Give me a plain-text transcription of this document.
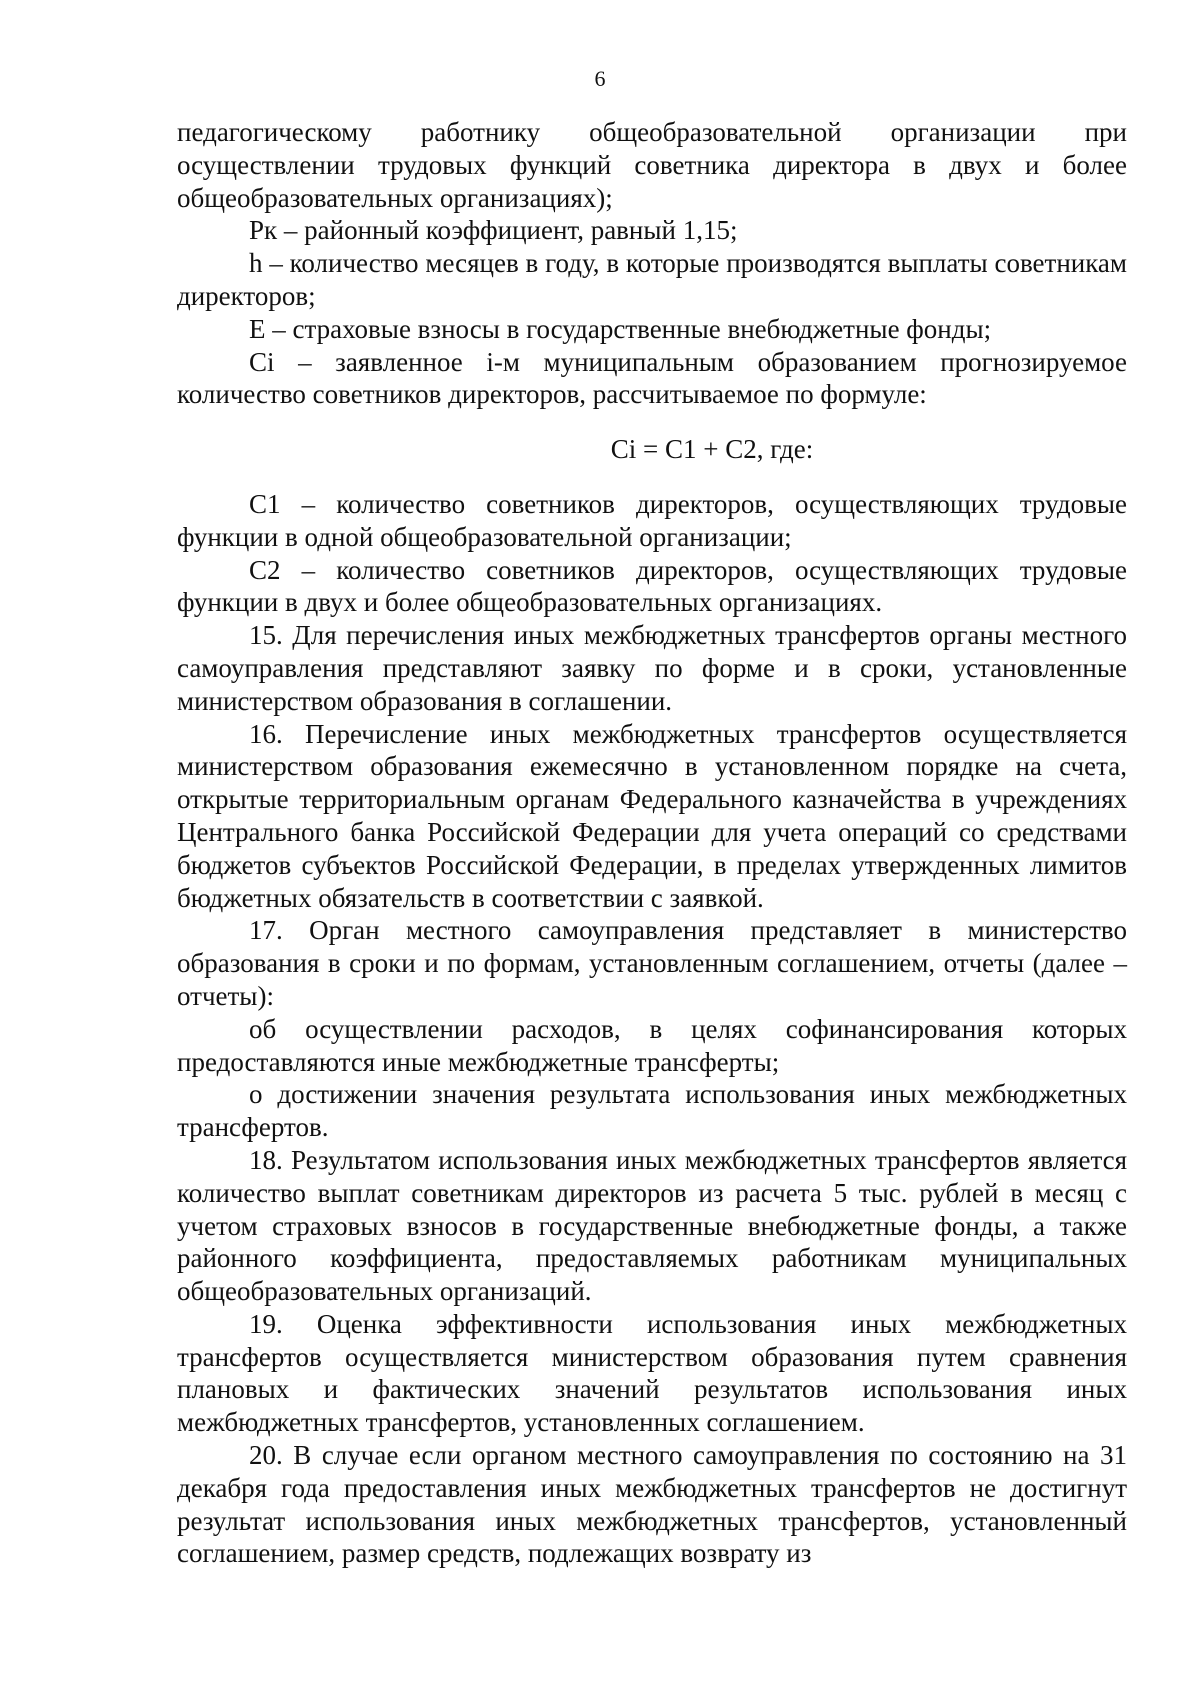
6

педагогическому работнику общеобразовательной организации при осуществлении трудовых функций советника директора в двух и более общеобразовательных организациях);

Рк – районный коэффициент, равный 1,15;

h – количество месяцев в году, в которые производятся выплаты советникам директоров;

Е – страховые взносы в государственные внебюджетные фонды;

Сi – заявленное i-м муниципальным образованием прогнозируемое количество советников директоров, рассчитываемое по формуле:

Сi = С1 + С2, где:

С1 – количество советников директоров, осуществляющих трудовые функции в одной общеобразовательной организации;

С2 – количество советников директоров, осуществляющих трудовые функции в двух и более общеобразовательных организациях.

15. Для перечисления иных межбюджетных трансфертов органы местного самоуправления представляют заявку по форме и в сроки, установленные министерством образования в соглашении.

16. Перечисление иных межбюджетных трансфертов осуществляется министерством образования ежемесячно в установленном порядке на счета, открытые территориальным органам Федерального казначейства в учреждениях Центрального банка Российской Федерации для учета операций со средствами бюджетов субъектов Российской Федерации, в пределах утвержденных лимитов бюджетных обязательств в соответствии с заявкой.

17. Орган местного самоуправления представляет в министерство образования в сроки и по формам, установленным соглашением, отчеты (далее – отчеты):

об осуществлении расходов, в целях софинансирования которых предоставляются иные межбюджетные трансферты;

о достижении значения результата использования иных межбюджетных трансфертов.

18. Результатом использования иных межбюджетных трансфертов является количество выплат советникам директоров из расчета 5 тыс. рублей в месяц с учетом страховых взносов в государственные внебюджетные фонды, а также районного коэффициента, предоставляемых работникам муниципальных общеобразовательных организаций.

19. Оценка эффективности использования иных межбюджетных трансфертов осуществляется министерством образования путем сравнения плановых и фактических значений результатов использования иных межбюджетных трансфертов, установленных соглашением.

20. В случае если органом местного самоуправления по состоянию на 31 декабря года предоставления иных межбюджетных трансфертов не достигнут результат использования иных межбюджетных трансфертов, установленный соглашением, размер средств, подлежащих возврату из
